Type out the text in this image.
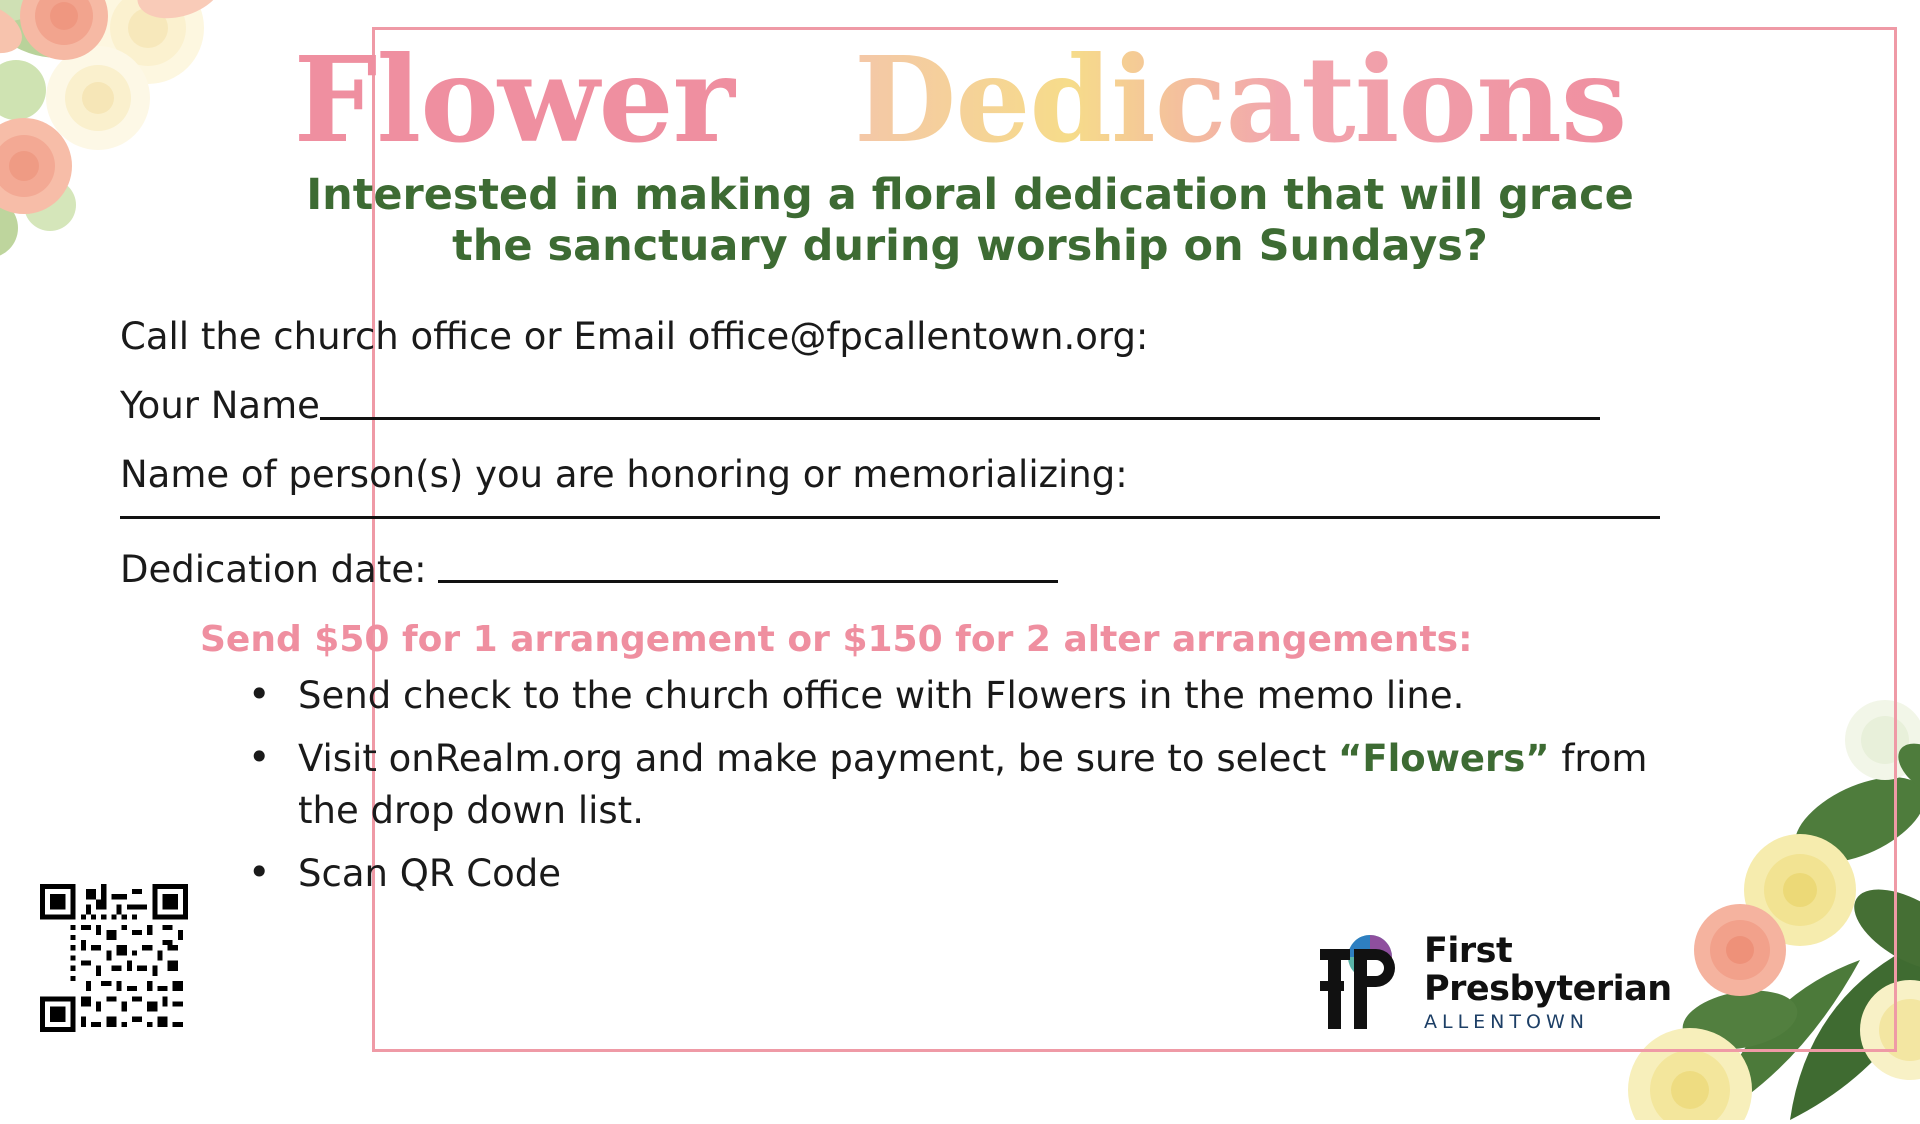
Flower Dedications
Interested in making a floral dedication that will grace the sanctuary during worship on Sundays?
Call the church office or Email office@fpcallentown.org:
Your Name
Name of person(s) you are honoring or memorializing:
Dedication date:
Send $50 for 1 arrangement or $150 for 2 alter arrangements:
• Send check to the church office with Flowers in the memo line.
• Visit onRealm.org and make payment, be sure to select “Flowers” from the drop down list.
• Scan QR Code
First
Presbyterian
ALLENTOWN
